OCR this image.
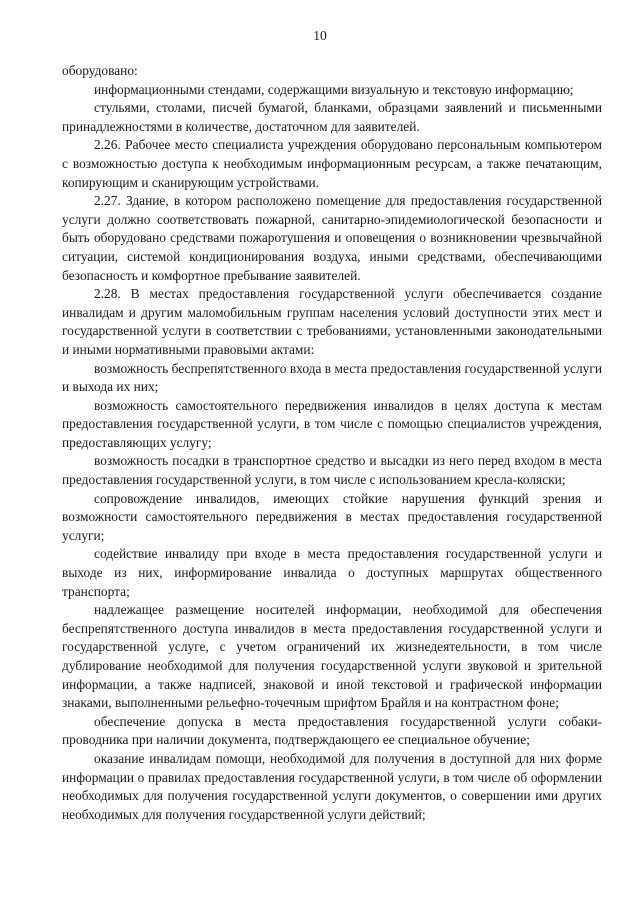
10

оборудовано:

информационными стендами, содержащими визуальную и текстовую информацию;

стульями, столами, писчей бумагой, бланками, образцами заявлений и письменными принадлежностями в количестве, достаточном для заявителей.

2.26. Рабочее место специалиста учреждения оборудовано персональным компьютером с возможностью доступа к необходимым информационным ресурсам, а также печатающим, копирующим и сканирующим устройствами.

2.27. Здание, в котором расположено помещение для предоставления государственной услуги должно соответствовать пожарной, санитарно-эпидемиологической безопасности и быть оборудовано средствами пожаротушения и оповещения о возникновении чрезвычайной ситуации, системой кондиционирования воздуха, иными средствами, обеспечивающими безопасность и комфортное пребывание заявителей.

2.28. В местах предоставления государственной услуги обеспечивается создание инвалидам и другим маломобильным группам населения условий доступности этих мест и государственной услуги в соответствии с требованиями, установленными законодательными и иными нормативными правовыми актами:

возможность беспрепятственного входа в места предоставления государственной услуги и выхода их них;

возможность самостоятельного передвижения инвалидов в целях доступа к местам предоставления государственной услуги, в том числе с помощью специалистов учреждения, предоставляющих услугу;

возможность посадки в транспортное средство и высадки из него перед входом в места предоставления государственной услуги, в том числе с использованием кресла-коляски;

сопровождение инвалидов, имеющих стойкие нарушения функций зрения и возможности самостоятельного передвижения в местах предоставления государственной услуги;

содействие инвалиду при входе в места предоставления государственной услуги и выходе из них, информирование инвалида о доступных маршрутах общественного транспорта;

надлежащее размещение носителей информации, необходимой для обеспечения беспрепятственного доступа инвалидов в места предоставления государственной услуги и государственной услуге, с учетом ограничений их жизнедеятельности, в том числе дублирование необходимой для получения государственной услуги звуковой и зрительной информации, а также надписей, знаковой и иной текстовой и графической информации знаками, выполненными рельефно-точечным шрифтом Брайля и на контрастном фоне;

обеспечение допуска в места предоставления государственной услуги собаки-проводника при наличии документа, подтверждающего ее специальное обучение;

оказание инвалидам помощи, необходимой для получения в доступной для них форме информации о правилах предоставления государственной услуги, в том числе об оформлении необходимых для получения государственной услуги документов, о совершении ими других необходимых для получения государственной услуги действий;
